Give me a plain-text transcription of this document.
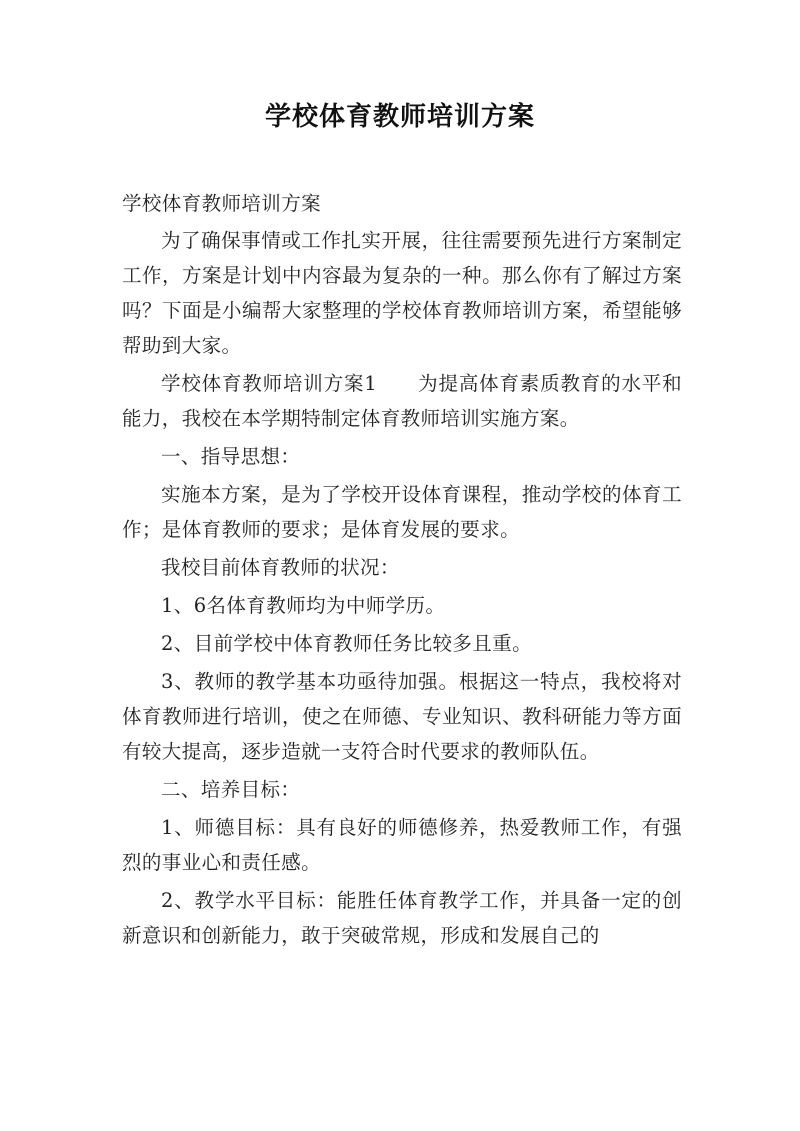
学校体育教师培训方案

学校体育教师培训方案

为了确保事情或工作扎实开展，往往需要预先进行方案制定工作，方案是计划中内容最为复杂的一种。那么你有了解过方案吗？下面是小编帮大家整理的学校体育教师培训方案，希望能够帮助到大家。

学校体育教师培训方案1　　为提高体育素质教育的水平和能力，我校在本学期特制定体育教师培训实施方案。

一、指导思想：

实施本方案，是为了学校开设体育课程，推动学校的体育工作；是体育教师的要求；是体育发展的要求。

我校目前体育教师的状况：

1、6名体育教师均为中师学历。

2、目前学校中体育教师任务比较多且重。

3、教师的教学基本功亟待加强。根据这一特点，我校将对体育教师进行培训，使之在师德、专业知识、教科研能力等方面有较大提高，逐步造就一支符合时代要求的教师队伍。

二、培养目标：

1、师德目标：具有良好的师德修养，热爱教师工作，有强烈的事业心和责任感。

2、教学水平目标：能胜任体育教学工作，并具备一定的创新意识和创新能力，敢于突破常规，形成和发展自己的
